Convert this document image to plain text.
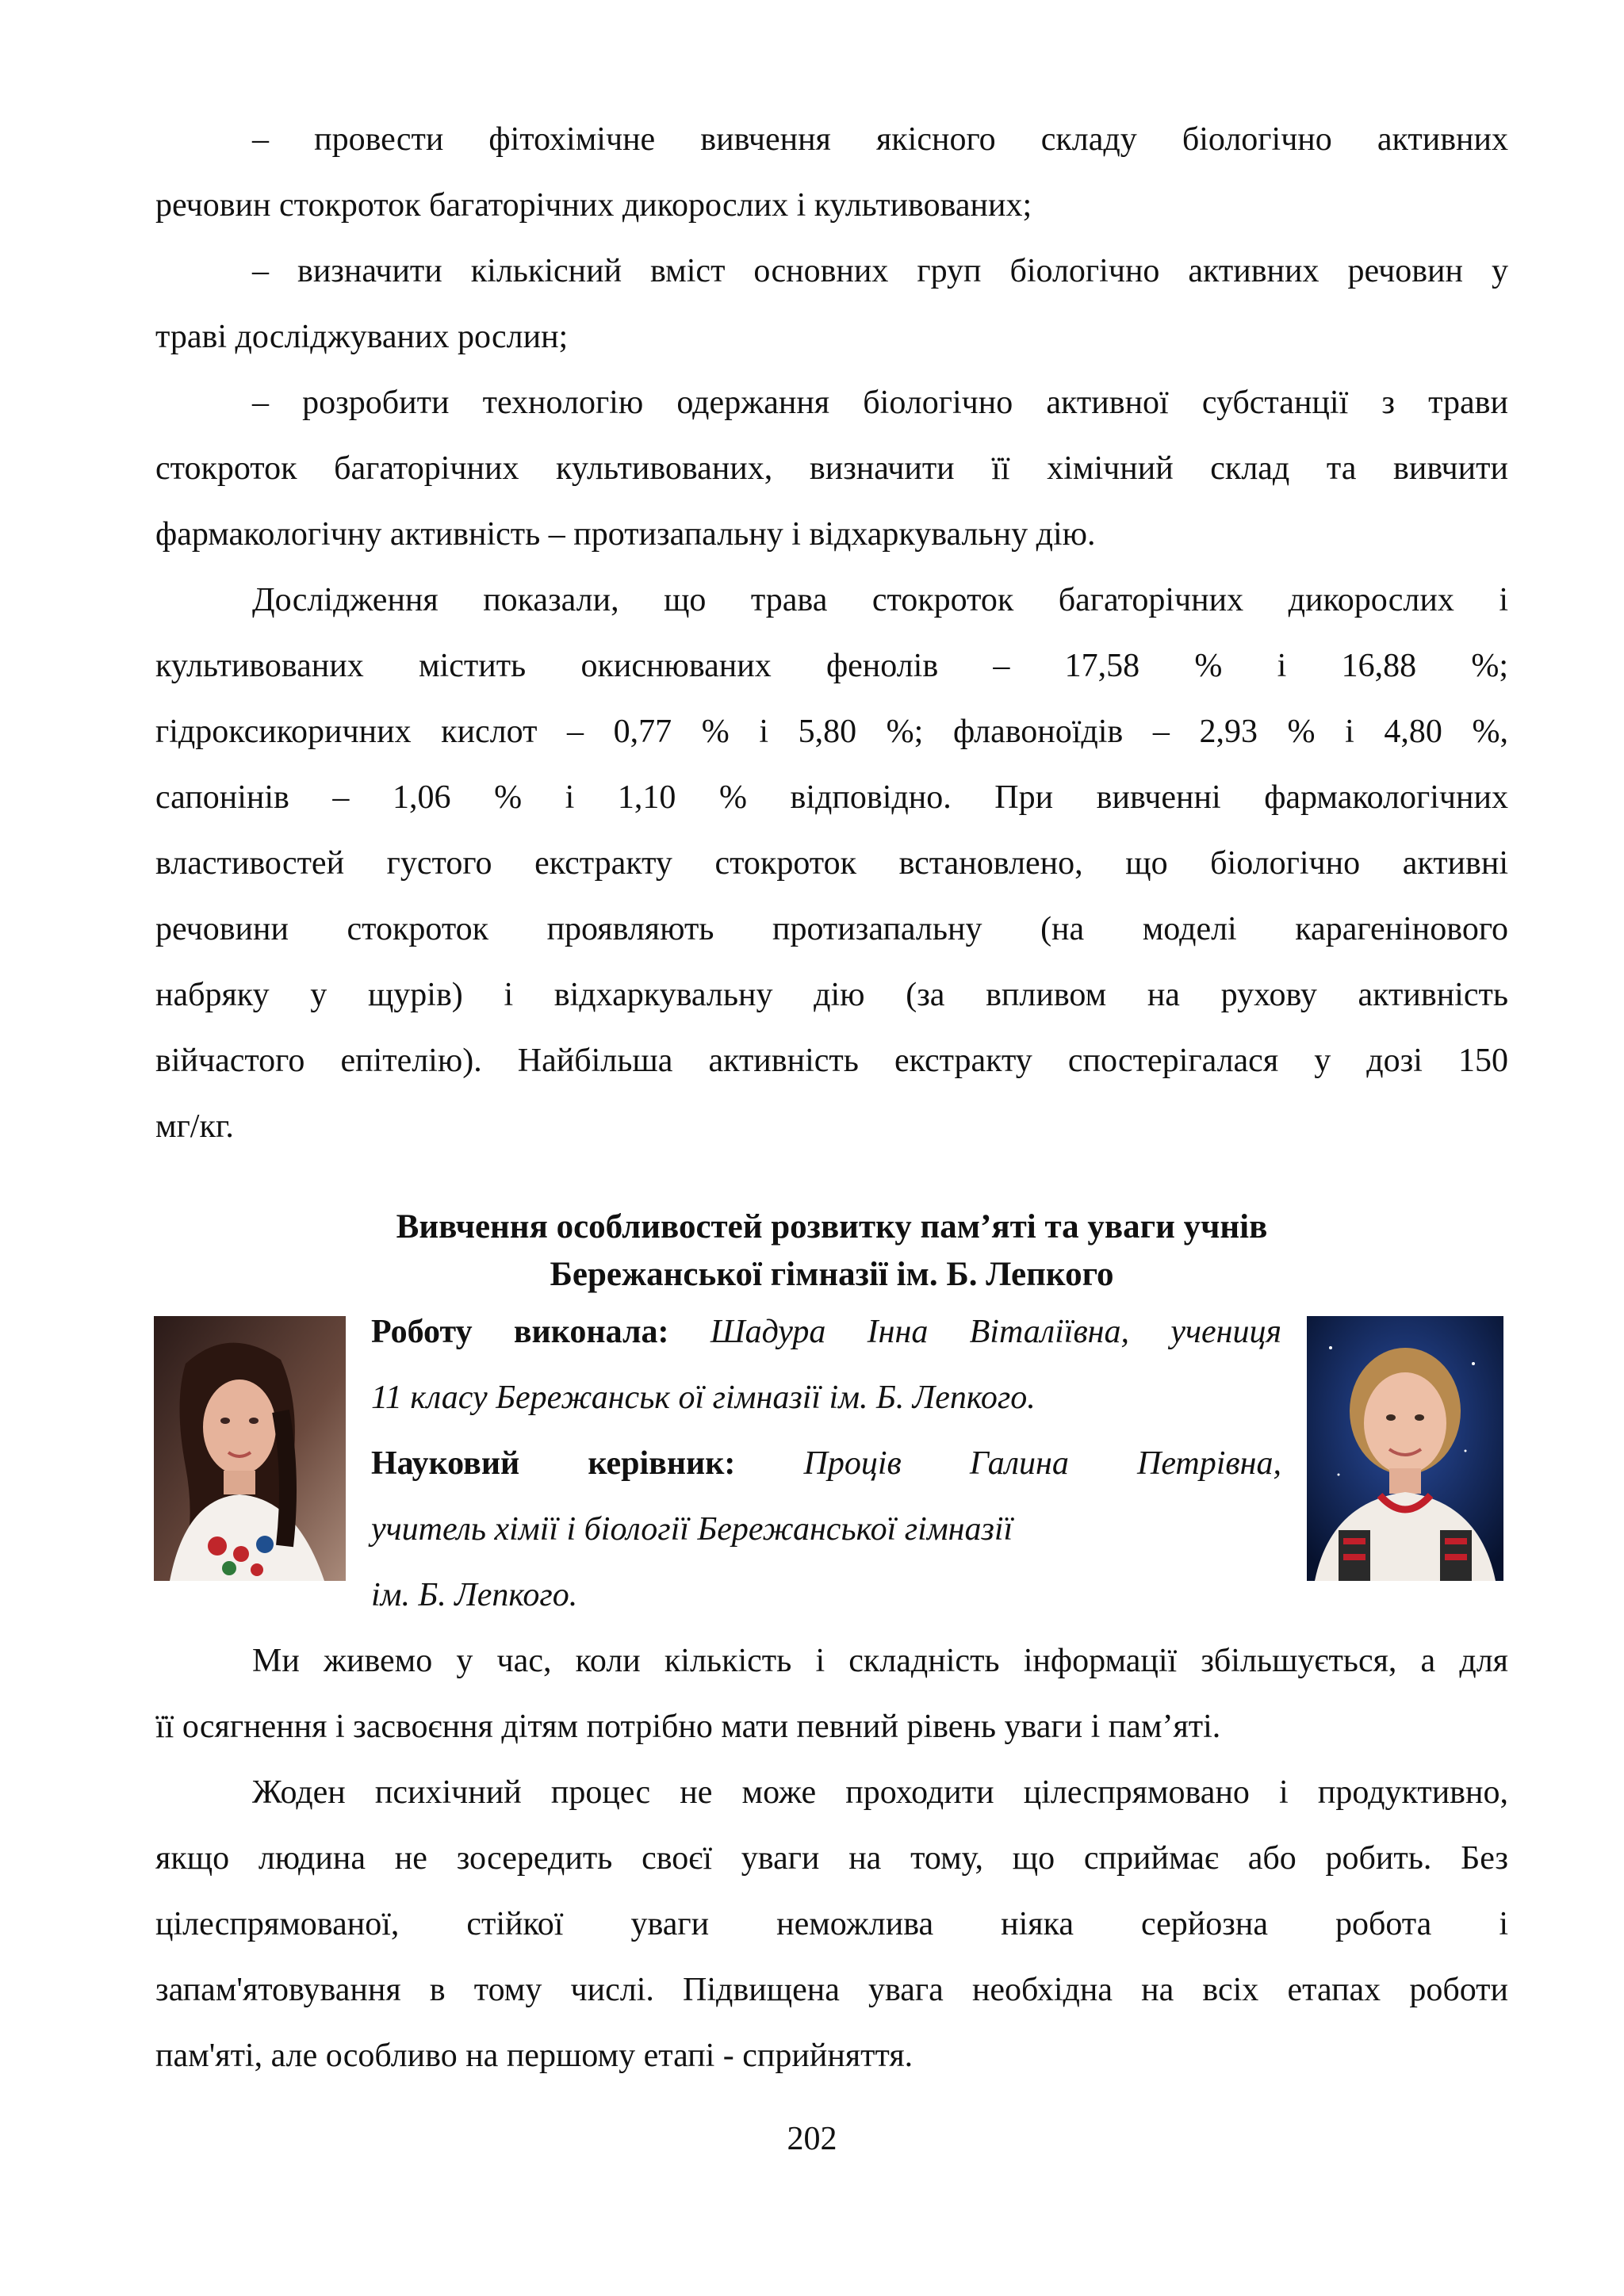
– провести фітохімічне вивчення якісного складу біологічно активних
речовин стокроток багаторічних дикорослих і культивованих;
– визначити кількісний вміст основних груп біологічно активних речовин у
траві досліджуваних рослин;
– розробити технологію одержання біологічно активної субстанції з трави
стокроток багаторічних культивованих, визначити її хімічний склад та вивчити
фармакологічну активність – протизапальну і відхаркувальну дію.
Дослідження показали, що трава стокроток багаторічних дикорослих і
культивованих містить окиснюваних фенолів – 17,58 % і 16,88 %;
гідроксикоричних кислот – 0,77 % і 5,80 %; флавоноїдів – 2,93 % і 4,80 %,
сапонінів – 1,06 % і 1,10 % відповідно. При вивченні фармакологічних
властивостей густого екстракту стокроток встановлено, що біологічно активні
речовини стокроток проявляють протизапальну (на моделі карагенінового
набряку у щурів) і відхаркувальну дію (за впливом на рухову активність
війчастого епітелію). Найбільша активність екстракту спостерігалася у дозі 150
мг/кг.
Вивчення особливостей розвитку пам’яті та уваги учнів
Бережанської гімназії ім. Б. Лепкого
Роботу виконала: Шадура Інна Віталіївна, учениця
11 класу Бережанськ ої гімназії ім. Б. Лепкого.
Науковий керівник: Проців Галина Петрівна,
учитель хімії і біології Бережанської гімназії
ім. Б. Лепкого.
Ми живемо у час, коли кількість і складність інформації збільшується, а для
її осягнення і засвоєння дітям потрібно мати певний рівень уваги і пам’яті.
Жоден психічний процес не може проходити цілеспрямовано і продуктивно,
якщо людина не зосередить своєї уваги на тому, що сприймає або робить. Без
цілеспрямованої, стійкої уваги неможлива ніяка серйозна робота і
запам'ятовування в тому числі. Підвищена увага необхідна на всіх етапах роботи
пам'яті, але особливо на першому етапі - сприйняття.
202
